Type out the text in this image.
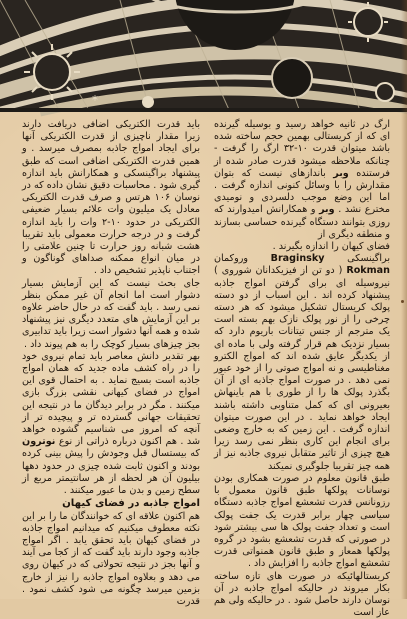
*

ارگ در ثانیه خواهد رسید و بوسیله گیرنده ای که از کریستالی بهمین حجم ساخته شده باشد میتوان قدرت ۱۰-۳۲ ارگ را گرفت - چنانکه ملاحظه میشود قدرت صادر شده از فرستنده وبر باندازهای نیست که بتوان مقدارش را با وسائل کنونی اندازه گرفت . اما این وضع موجب دلسردی و نومیدی مخترع نشد . وبر و همکارانش امیدوارند که روزی بتوانند دستگاه گیرنده حساسی بسازند و منطقه دیگری از

فضای کیهان را اندازه بگیرند .

براگینسکی Braginsky وروکمان Rokman ( دو تن از فیزیکدانان شوروی ) نیروسیله ای برای گرفتن امواج جاذبه پیشنهاد کرده اند . این اسباب از دو دسته پولک کریستال تشکیل میشود که هر دسته چرخی را از نور پولک نازک بهم بسته است یک مترجم از جنس تیتانات باریوم دارد که بسیار نزدیک هم قرار گرفته ولی با ماده ای از یکدیگر عایق شده اند که امواج الکترو مغناطیسی و نه امواج صوتی را از خود عبور نمی دهد . در صورت امواج جاذبه ای از آن بگذرد پولک ها را از طوری با هم باینهاش بعیرونی ای که کمل متناوبی داشته باشند ایجاد خواهد نماید . در این صورت میتوان اندازه گرفت . این زمین که به خارج وضعی برای انجام این کاری بنظر نمی رسد زیرا هیچ چیزی از تاثیر متقابل نیروی جاذبه نیز از همه چیز تقریبا جلوگیری نمیکند

طبق قانون معلوم در صورت همکاری بودن نوسانات پولکها طبق قانون معمول با رزونانس قدرت تشعشع امواج جاذبه دستگاه سیاسی چهار برابر قدرت یک جفت پولک است و تعداد جفت پولک ها سی بیشتر شود در صورتی که قدرت تشعشع بشود در گروه پولکها همعاز و طبق قانون همنواتی قدرت تشعشع امواج جاذبه را افزایش داد .

کریستالهائیکه در صورت های تازه ساخته بکار میروند در حالیکه امواج جاذبه در آن نوسان دارند حاصل شود . در حالیکه ولی هم عاز است

باید قدرت الکتریکی اضافی دریافت دارند زیرا مقدار ناچیزی از قدرت الکتریکی آنها برای ایجاد امواج جاذبه بمصرف میرسد . و همین قدرت الکتریکی اضافی است که طبق پیشنهاد براگینسکی و همکارانش باید اندازه گیری شود . محاسبات دقیق نشان داده که در نوسان ۱۰۶ هرتس و صرف قدرت الکتریکی معادل یک میلیون وات علائم بسیار ضعیفی الکتریکی در حدود ۱۰-۲ وات را باید اندازه گرفت و در درجه حرارت معمولی باید تقریبا هشت شبانه روز حرارت تا چنین علامتی را در میان انواع ممکنه صداهای گوناگون و اجتناب ناپذیر تشخیص داد .

جای بحث نیست که این آزمایش بسیار دشوار است اما انجام آن غیر ممکن بنظر نمی رسد . باید گفت که در حال حاضر علاوه بر این آزمایش های متعدد دیگری نیز پیشنهاد شده و همه آنها دشوار است زیرا باید تدابیری بجز چیزهای بسیار کوچک را به هم پیوند داد .

بهر تقدیر دانش معاصر باید تمام نیروی خود را در راه کشف ماده جدید که همان امواج جاذبه است بسیج نماید . به احتمال قوی این امواج در فضای کیهانی نقشی بزرگ بازی میکنند . مگر در برابر دیدگان ما در نتیجه این تحقیقات جهانی گسترده تر و پیچیده تر از آنچه که امروز می شناسیم گشوده خواهد شد . هم اکنون درباره ذراتی از نوع نوترون که بیستسال قبل وجودش را پیش بینی کرده بودند و اکنون ثابت شده چیزی در حدود دهها بیلیون آن هر لحظه از هر سانتیمتر مربع از سطح زمین و بدن ما عبور میکنند .

امواج جاذبه در فضای کیهان

هم اکنون علاقه ای که خوانندگان ما را بر این نکته معطوف میکنیم که میدانیم امواج جاذبه در فضای کیهان باید تحقق یابد . اگر امواج جاذبه وجود دارند باید گفت که از کجا می آیند و آنها بجز در نتیجه تحولاتی که در کیهان روی می دهد و بعلاوه امواج جاذبه را نیز از خارج بزمین میرسد چگونه می شود کشف نمود . قدرت
